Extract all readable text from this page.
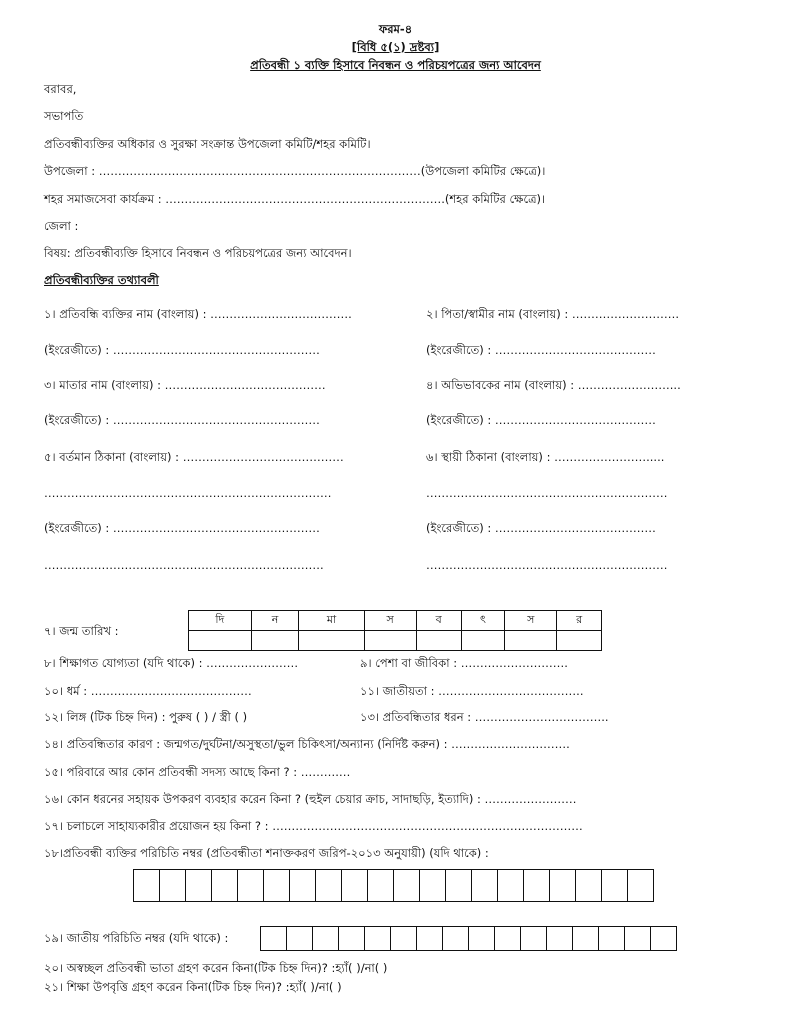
ফরম-৪
[বিধি ৫(১) দ্রষ্টব্য]
প্রতিবন্ধী ১ ব্যক্তি হিসাবে নিবন্ধন ও পরিচয়পত্রের জন্য আবেদন
বরাবর,
সভাপতি
প্রতিবন্ধীব্যক্তির অধিকার ও সুরক্ষা সংক্রান্ত উপজেলা কমিটি/শহর কমিটি।
উপজেলা : …………………………………………………………………………(উপজেলা কমিটির ক্ষেত্রে)।
শহর সমাজসেবা কার্যক্রম : ……………………………………………………………….(শহর কমিটির ক্ষেত্রে)।
জেলা :
বিষয়: প্রতিবন্ধীব্যক্তি হিসাবে নিবন্ধন ও পরিচয়পত্রের জন্য আবেদন।
প্রতিবন্ধীব্যক্তির তথ্যাবলী
১। প্রতিবন্ধি ব্যক্তির নাম (বাংলায়) : ……………………………….	২। পিতা/স্বামীর নাম (বাংলায়) : ……………………….
(ইংরেজীতে) : ………………………………………………	(ইংরেজীতে) : ……………………………………
৩। মাতার নাম (বাংলায়) : ……………………………………	৪। অভিভাবকের নাম (বাংলায়) : ……………………...
(ইংরেজীতে) : ………………………………………………	(ইংরেজীতে) : ……………………………………
৫। বর্তমান ঠিকানা (বাংলায়) : ……………………………………	৬। স্থায়ী ঠিকানা (বাংলায়) : …………………….....
…………………………………………………………………	………………………………………………………
(ইংরেজীতে) : ………………………………………………	(ইংরেজীতে) : ……………………………………
……………………………………………………………….	………………………………………………………
৭। জন্ম তারিখ :
দি	ন	মা	স	ব	ৎ	স	র

৮। শিক্ষাগত যোগ্যতা (যদি থাকে) : ……………………	৯। পেশা বা জীবিকা : ……………………….
১০। ধর্ম : ……………………………………	১১। জাতীয়তা : ………………………………..
১২। লিঙ্গ (টিক চিহ্ন দিন) : পুরুষ ( ) / স্ত্রী ( )	১৩। প্রতিবন্ধিতার ধরন : ……………………………..
১৪। প্রতিবন্ধিতার কারণ : জন্মগত/দুর্ঘটনা/অসুস্থতা/ভুল চিকিৎসা/অন্যান্য (নির্দিষ্ট করুন) : ………………………….
১৫। পরিবারে আর কোন প্রতিবন্ধী সদস্য আছে কিনা ? : ……….…
১৬। কোন ধরনের সহায়ক উপকরণ ব্যবহার করেন কিনা ? (হুইল চেয়ার ক্রাচ, সাদাছড়ি, ইত্যাদি) : ……………………
১৭। চলাচলে সাহায্যকারীর প্রয়োজন হয় কিনা ? : ………………………………………………………………………
১৮।প্রতিবন্ধী ব্যক্তির পরিচিতি নম্বর (প্রতিবন্ধীতা শনাক্তকরণ জরিপ-২০১৩ অনুযায়ী) (যদি থাকে) :
১৯। জাতীয় পরিচিতি নম্বর (যদি থাকে) :
২০। অস্বচ্ছল প্রতিবন্ধী ভাতা গ্রহণ করেন কিনা(টিক চিহ্ন দিন)? :হ্যাঁ( )/না( )
২১। শিক্ষা উপবৃত্তি গ্রহণ করেন কিনা(টিক চিহ্ন দিন)? :হ্যাঁ( )/না( )
